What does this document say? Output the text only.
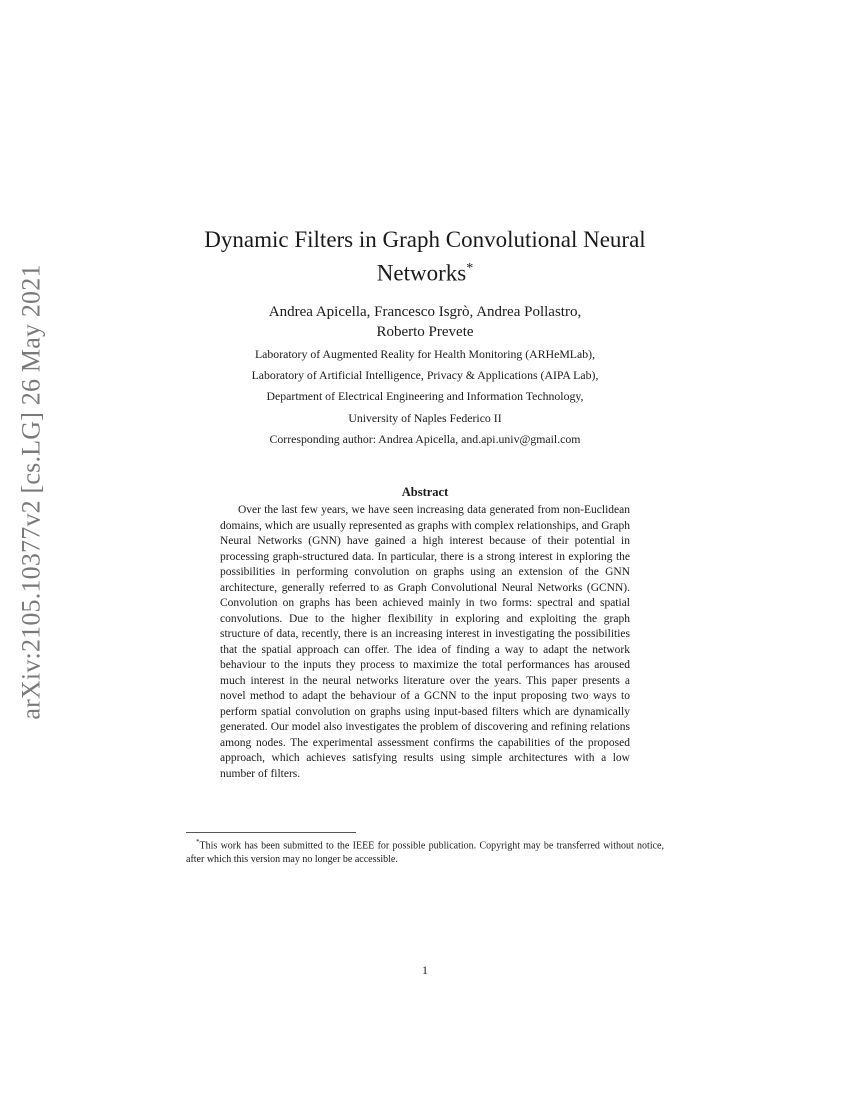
arXiv:2105.10377v2 [cs.LG] 26 May 2021
Dynamic Filters in Graph Convolutional Neural Networks*
Andrea Apicella, Francesco Isgrò, Andrea Pollastro,
Roberto Prevete
Laboratory of Augmented Reality for Health Monitoring (ARHeMLab),
Laboratory of Artificial Intelligence, Privacy & Applications (AIPA Lab),
Department of Electrical Engineering and Information Technology,
University of Naples Federico II
Corresponding author: Andrea Apicella, and.api.univ@gmail.com
Abstract

Over the last few years, we have seen increasing data generated from non-Euclidean domains, which are usually represented as graphs with complex relationships, and Graph Neural Networks (GNN) have gained a high interest because of their potential in processing graph-structured data. In particular, there is a strong interest in exploring the possibilities in performing convolution on graphs using an extension of the GNN architecture, generally referred to as Graph Convolutional Neural Networks (GCNN). Convolution on graphs has been achieved mainly in two forms: spectral and spatial convolutions. Due to the higher flexibility in exploring and exploiting the graph structure of data, recently, there is an increasing interest in investigating the possibilities that the spatial approach can offer. The idea of finding a way to adapt the network behaviour to the inputs they process to maximize the total performances has aroused much interest in the neural networks literature over the years. This paper presents a novel method to adapt the behaviour of a GCNN to the input proposing two ways to perform spatial convolution on graphs using input-based filters which are dynamically generated. Our model also investigates the problem of discovering and refining relations among nodes. The experimental assessment confirms the capabilities of the proposed approach, which achieves satisfying results using simple architectures with a low number of filters.

*This work has been submitted to the IEEE for possible publication. Copyright may be transferred without notice, after which this version may no longer be accessible.

1
